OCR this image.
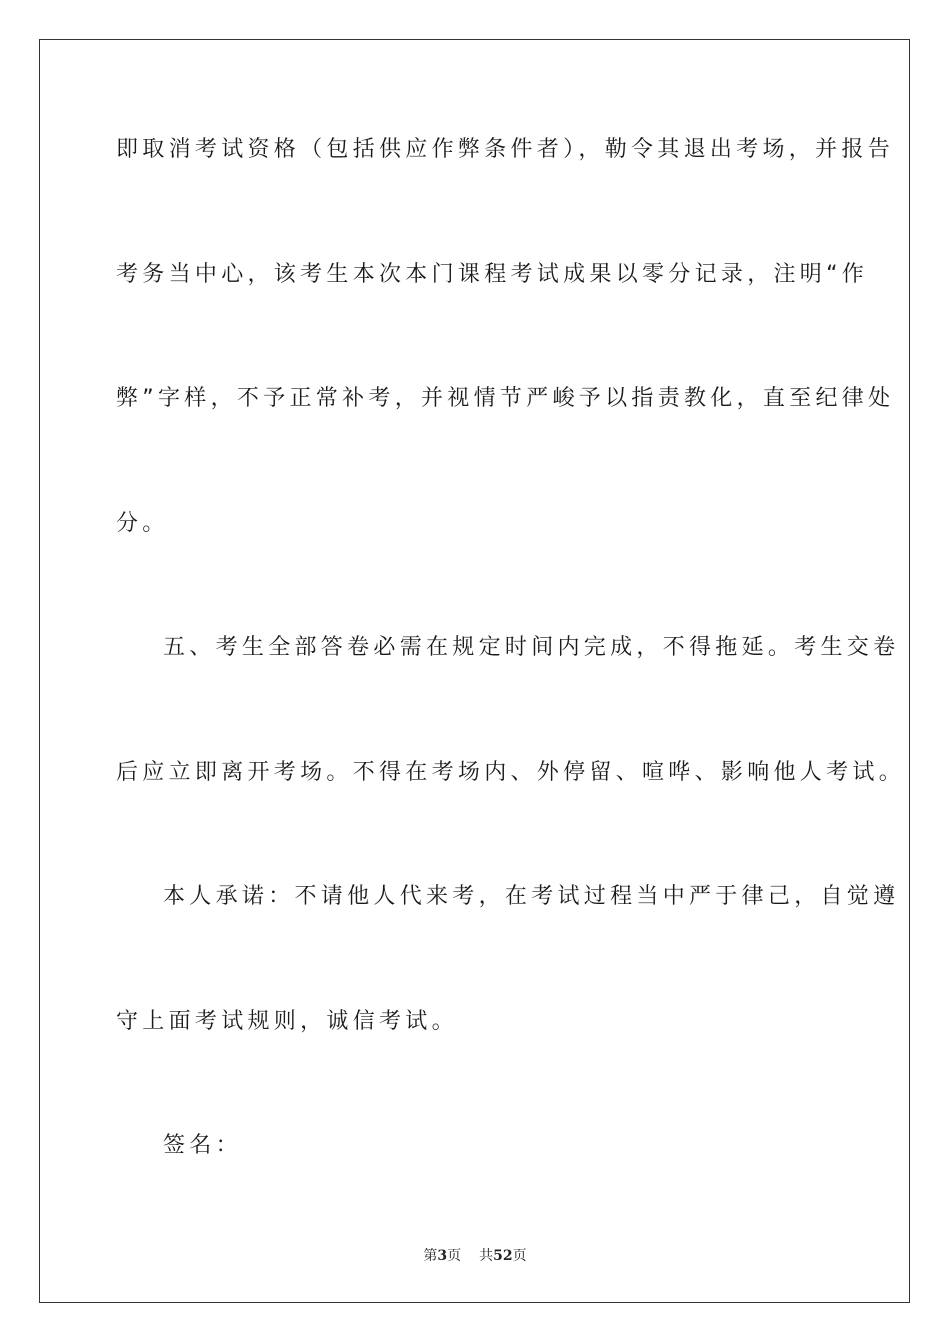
即取消考试资格（包括供应作弊条件者），勒令其退出考场，并报告
考务当中心，该考生本次本门课程考试成果以零分记录，注明“作
弊”字样，不予正常补考，并视情节严峻予以指责教化，直至纪律处
分。
五、考生全部答卷必需在规定时间内完成，不得拖延。考生交卷
后应立即离开考场。不得在考场内、外停留、喧哗、影响他人考试。
本人承诺：不请他人代来考，在考试过程当中严于律己，自觉遵
守上面考试规则，诚信考试。
签名：
第3页 共52页
